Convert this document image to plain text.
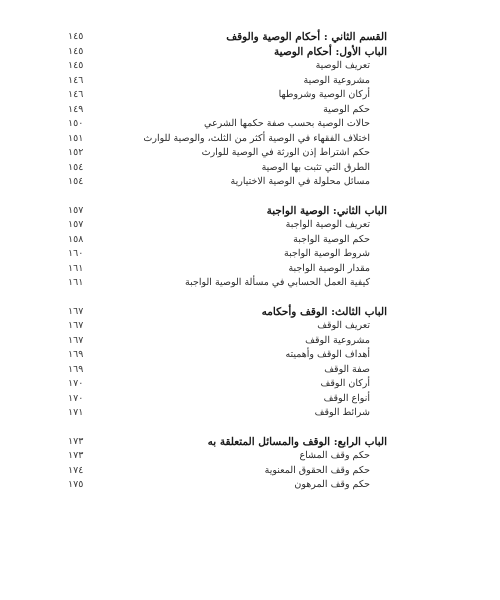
القسم الثاني : أحكام الوصية والوقف
١٤٥
الباب الأول: أحكام الوصية
١٤٥
تعريف الوصية
١٤٥
مشروعية الوصية
١٤٦
أركان الوصية وشروطها
١٤٦
حكم الوصية
١٤٩
حالات الوصية بحسب صفة حكمها الشرعي
١٥٠
اختلاف الفقهاء في الوصية أكثر من الثلث، والوصية للوارث
١٥١
حكم اشتراط إذن الورثة في الوصية للوارث
١٥٢
الطرق التي تثبت بها الوصية
١٥٤
مسائل محلولة في الوصية الاختيارية
١٥٤
الباب الثاني: الوصية الواجبة
١٥٧
تعريف الوصية الواجبة
١٥٧
حكم الوصية الواجبة
١٥٨
شروط الوصية الواجبة
١٦٠
مقدار الوصية الواجبة
١٦١
كيفية العمل الحسابي في مسألة الوصية الواجبة
١٦١
الباب الثالث: الوقف وأحكامه
١٦٧
تعريف الوقف
١٦٧
مشروعية الوقف
١٦٧
أهداف الوقف وأهميته
١٦٩
صفة الوقف
١٦٩
أركان الوقف
١٧٠
أنواع الوقف
١٧٠
شرائط الوقف
١٧١
الباب الرابع: الوقف والمسائل المتعلقة به
١٧٣
حكم وقف المشاع
١٧٣
حكم وقف الحقوق المعنوية
١٧٤
حكم وقف المرهون
١٧٥
